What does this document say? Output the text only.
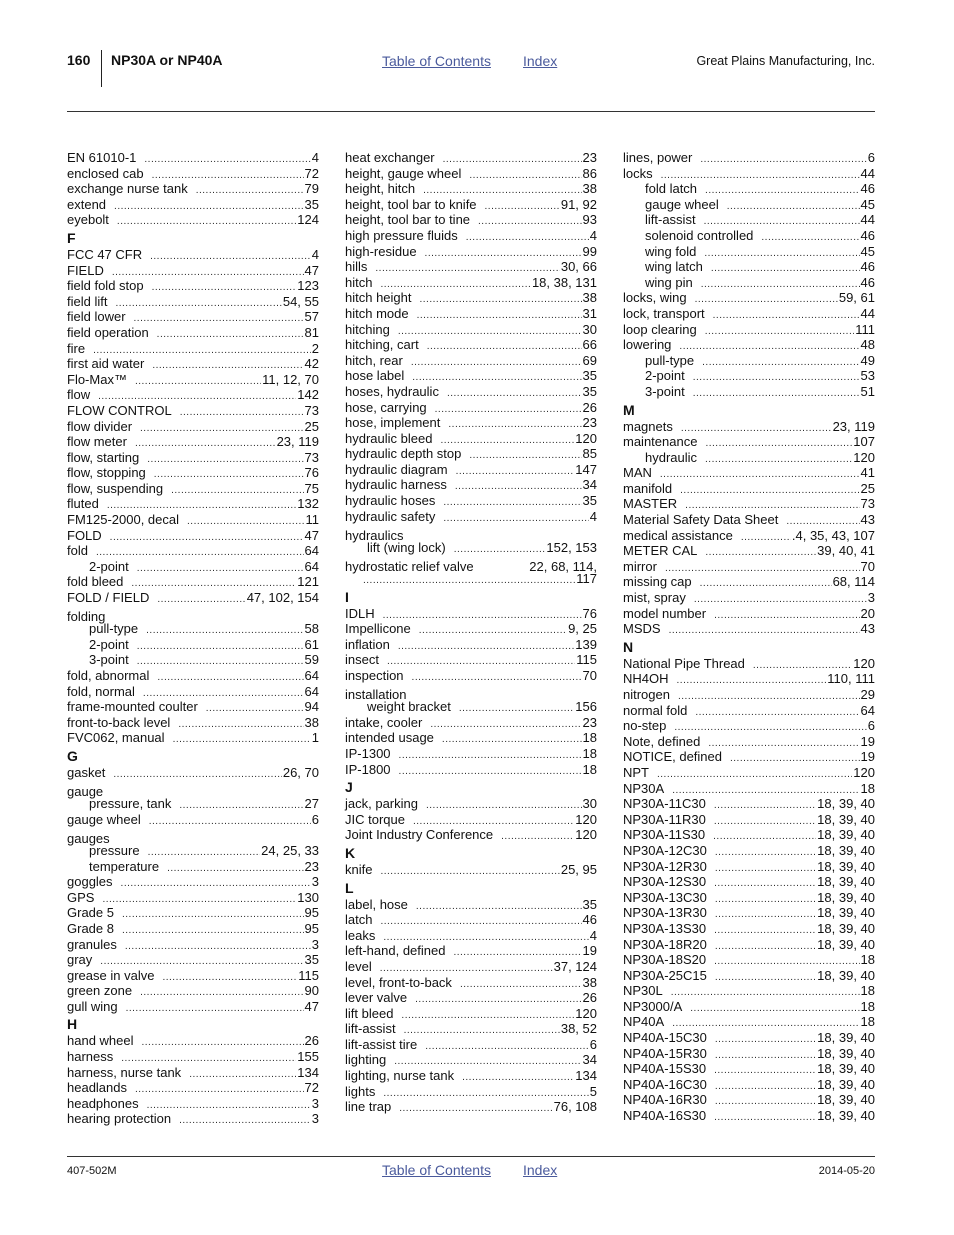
160 NP30A or NP40A	Table of Contents Index	Great Plains Manufacturing, Inc.
EN 61010-1 .....	4
enclosed cab .....	72
exchange nurse tank .....	79
extend .....	35
eyebolt .....	124
F
FCC 47 CFR .....	4
FIELD .....	47
field fold stop .....	123
field lift .....	54, 55
field lower .....	57
field operation .....	81
fire .....	2
first aid water .....	42
Flo-Max™ .....	11, 12, 70
flow .....	142
FLOW CONTROL .....	73
flow divider .....	25
flow meter .....	23, 119
flow, starting .....	73
flow, stopping .....	76
flow, suspending .....	75
fluted .....	132
FM125-2000, decal .....	11
FOLD .....	47
fold .....	64
2-point .....	64
fold bleed .....	121
FOLD / FIELD .....	47, 102, 154
folding
pull-type .....	58
2-point .....	61
3-point .....	59
fold, abnormal .....	64
fold, normal .....	64
frame-mounted coulter .....	94
front-to-back level .....	38
FVC062, manual .....	1
G
gasket .....	26, 70
gauge
pressure, tank .....	27
gauge wheel .....	6
gauges
pressure .....	24, 25, 33
temperature .....	23
goggles .....	3
GPS .....	130
Grade 5 .....	95
Grade 8 .....	95
granules .....	3
gray .....	35
grease in valve .....	115
green zone .....	90
gull wing .....	47
H
hand wheel .....	26
harness .....	155
harness, nurse tank .....	134
headlands .....	72
headphones .....	3
hearing protection .....	3
heat exchanger .....	23
height, gauge wheel .....	86
height, hitch .....	38
height, tool bar to knife .....	91, 92
height, tool bar to tine .....	93
high pressure fluids .....	4
high-residue .....	99
hills .....	30, 66
hitch .....	18, 38, 131
hitch height .....	38
hitch mode .....	31
hitching .....	30
hitching, cart .....	66
hitch, rear .....	69
hose label .....	35
hoses, hydraulic .....	35
hose, carrying .....	26
hose, implement .....	23
hydraulic bleed .....	120
hydraulic depth stop .....	85
hydraulic diagram .....	147
hydraulic harness .....	34
hydraulic hoses .....	35
hydraulic safety .....	4
hydraulics
lift (wing lock) .....	152, 153
hydrostatic relief valve	22, 68, 114,
.....
117
I
IDLH .....	76
Impellicone .....	9, 25
inflation .....	139
insect .....	115
inspection .....	70
installation
weight bracket .....	156
intake, cooler .....	23
intended usage .....	18
IP-1300 .....	18
IP-1800 .....	18
J
jack, parking .....	30
JIC torque .....	120
Joint Industry Conference .....	120
K
knife .....	25, 95
L
label, hose .....	35
latch .....	46
leaks .....	4
left-hand, defined .....	19
level .....	37, 124
level, front-to-back .....	38
lever valve .....	26
lift bleed .....	120
lift-assist .....	38, 52
lift-assist tire .....	6
lighting .....	34
lighting, nurse tank .....	134
lights .....	5
line trap .....	76, 108
lines, power .....	6
locks .....	44
fold latch .....	46
gauge wheel .....	45
lift-assist .....	44
solenoid controlled .....	46
wing fold .....	45
wing latch .....	46
wing pin .....	46
locks, wing .....	59, 61
lock, transport .....	44
loop clearing .....	111
lowering .....	48
pull-type .....	49
2-point .....	53
3-point .....	51
M
magnets .....	23, 119
maintenance .....	107
hydraulic .....	120
MAN .....	41
manifold .....	25
MASTER .....	73
Material Safety Data Sheet .....	43
medical assistance .....	.4, 35, 43, 107
METER CAL .....	39, 40, 41
mirror .....	70
missing cap .....	68, 114
mist, spray .....	3
model number .....	20
MSDS .....	43
N
National Pipe Thread .....	120
NH4OH .....	110, 111
nitrogen .....	29
normal fold .....	64
no-step .....	6
Note, defined .....	19
NOTICE, defined .....	19
NPT .....	120
NP30A .....	18
NP30A-11C30 .....	18, 39, 40
NP30A-11R30 .....	18, 39, 40
NP30A-11S30 .....	18, 39, 40
NP30A-12C30 .....	18, 39, 40
NP30A-12R30 .....	18, 39, 40
NP30A-12S30 .....	18, 39, 40
NP30A-13C30 .....	18, 39, 40
NP30A-13R30 .....	18, 39, 40
NP30A-13S30 .....	18, 39, 40
NP30A-18R20 .....	18, 39, 40
NP30A-18S20 .....	18
NP30A-25C15 .....	18, 39, 40
NP30L .....	18
NP3000/A .....	18
NP40A .....	18
NP40A-15C30 .....	18, 39, 40
NP40A-15R30 .....	18, 39, 40
NP40A-15S30 .....	18, 39, 40
NP40A-16C30 .....	18, 39, 40
NP40A-16R30 .....	18, 39, 40
NP40A-16S30 .....	18, 39, 40
407-502M	Table of Contents Index	2014-05-20
